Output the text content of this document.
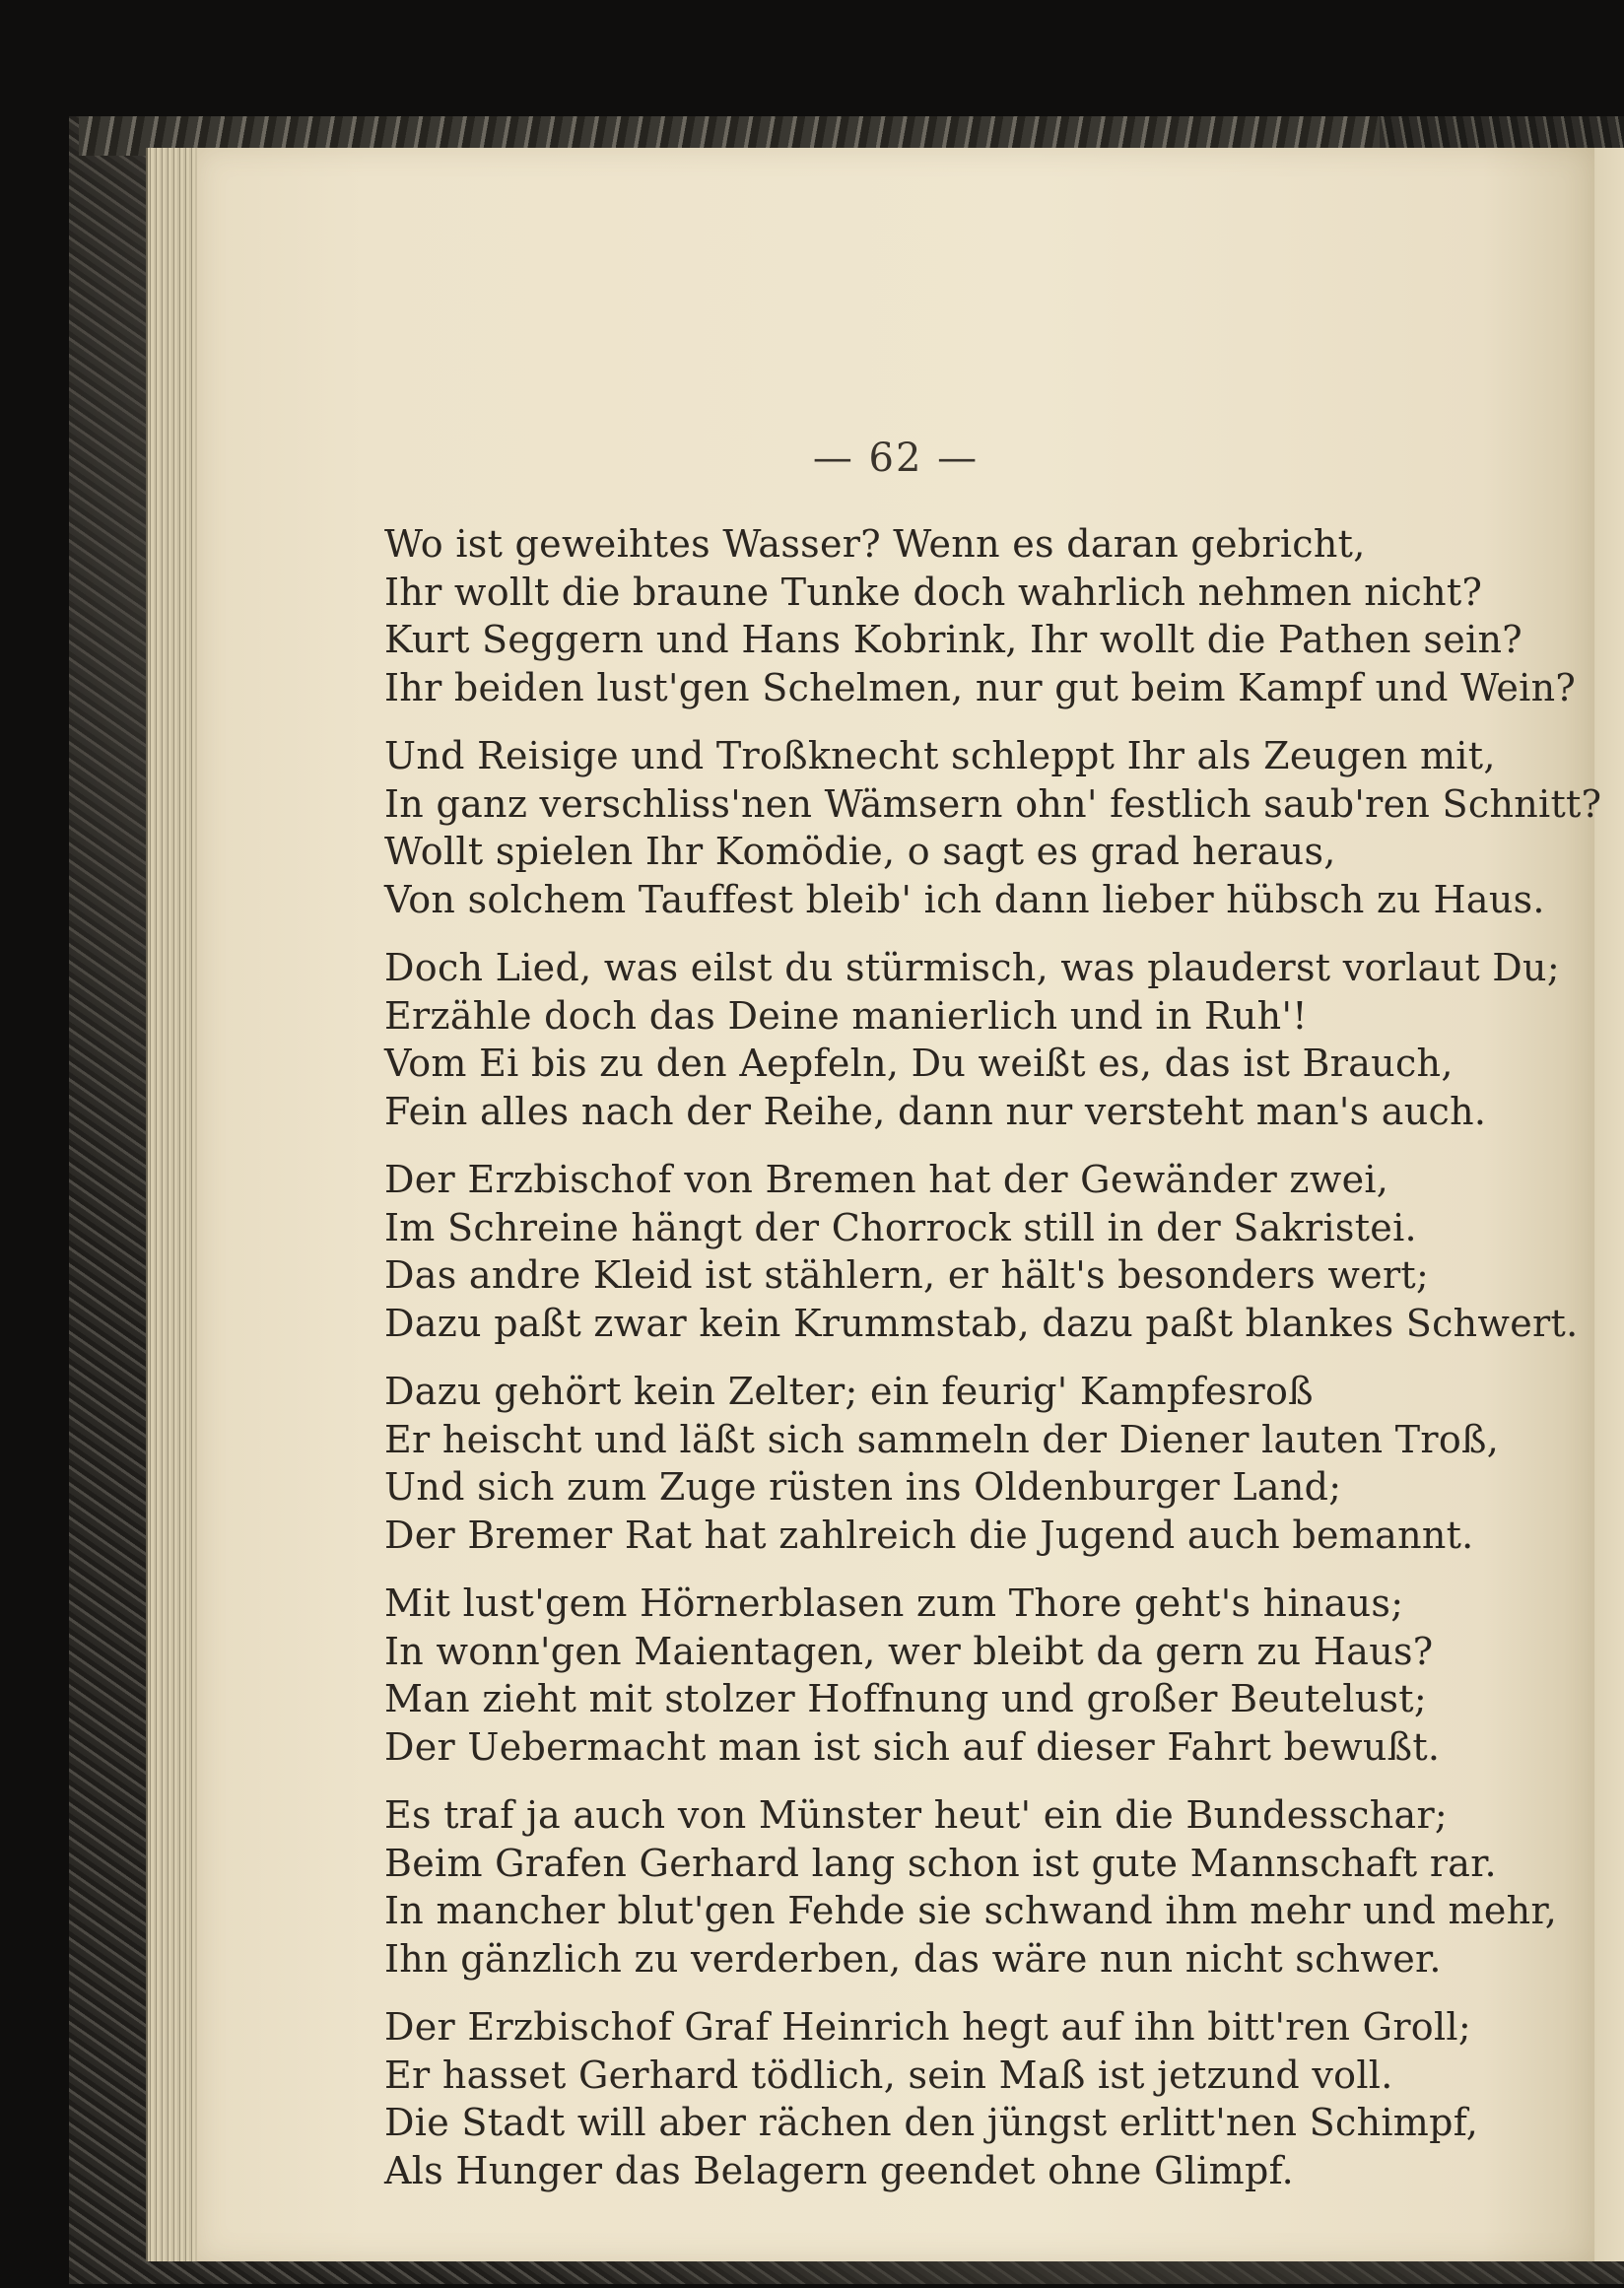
— 62 —
Wo ist geweihtes Wasser? Wenn es daran gebricht,
Ihr wollt die braune Tunke doch wahrlich nehmen nicht?
Kurt Seggern und Hans Kobrink, Ihr wollt die Pathen sein?
Ihr beiden lust'gen Schelmen, nur gut beim Kampf und Wein?
Und Reisige und Troßknecht schleppt Ihr als Zeugen mit,
In ganz verschliss'nen Wämsern ohn' festlich saub'ren Schnitt?
Wollt spielen Ihr Komödie, o sagt es grad heraus,
Von solchem Tauffest bleib' ich dann lieber hübsch zu Haus.
Doch Lied, was eilst du stürmisch, was plauderst vorlaut Du;
Erzähle doch das Deine manierlich und in Ruh'!
Vom Ei bis zu den Aepfeln, Du weißt es, das ist Brauch,
Fein alles nach der Reihe, dann nur versteht man's auch.
Der Erzbischof von Bremen hat der Gewänder zwei,
Im Schreine hängt der Chorrock still in der Sakristei.
Das andre Kleid ist stählern, er hält's besonders wert;
Dazu paßt zwar kein Krummstab, dazu paßt blankes Schwert.
Dazu gehört kein Zelter; ein feurig' Kampfesroß
Er heischt und läßt sich sammeln der Diener lauten Troß,
Und sich zum Zuge rüsten ins Oldenburger Land;
Der Bremer Rat hat zahlreich die Jugend auch bemannt.
Mit lust'gem Hörnerblasen zum Thore geht's hinaus;
In wonn'gen Maientagen, wer bleibt da gern zu Haus?
Man zieht mit stolzer Hoffnung und großer Beutelust;
Der Uebermacht man ist sich auf dieser Fahrt bewußt.
Es traf ja auch von Münster heut' ein die Bundesschar;
Beim Grafen Gerhard lang schon ist gute Mannschaft rar.
In mancher blut'gen Fehde sie schwand ihm mehr und mehr,
Ihn gänzlich zu verderben, das wäre nun nicht schwer.
Der Erzbischof Graf Heinrich hegt auf ihn bitt'ren Groll;
Er hasset Gerhard tödlich, sein Maß ist jetzund voll.
Die Stadt will aber rächen den jüngst erlitt'nen Schimpf,
Als Hunger das Belagern geendet ohne Glimpf.
